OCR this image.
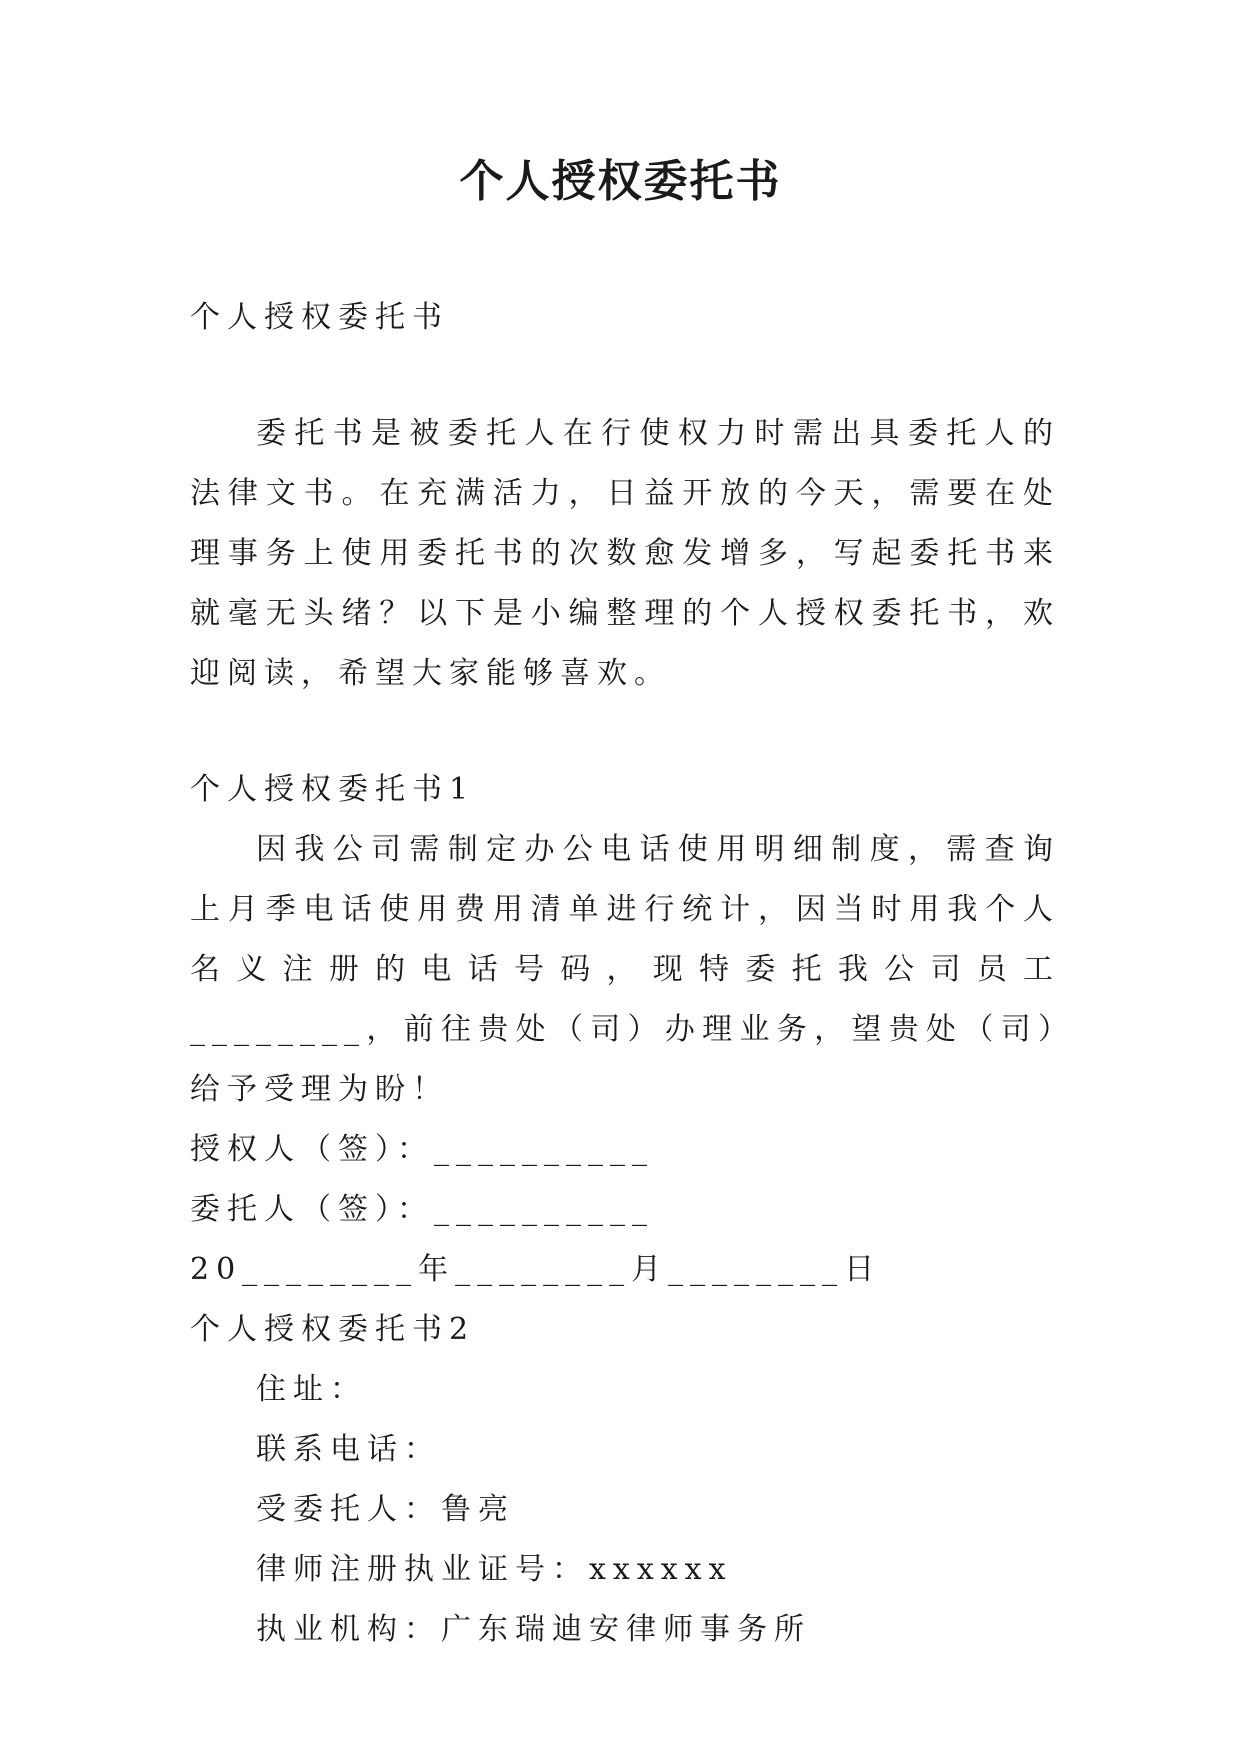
个人授权委托书

个人授权委托书

委托书是被委托人在行使权力时需出具委托人的法律文书。在充满活力，日益开放的今天，需要在处理事务上使用委托书的次数愈发增多，写起委托书来就毫无头绪？以下是小编整理的个人授权委托书，欢迎阅读，希望大家能够喜欢。

个人授权委托书1

因我公司需制定办公电话使用明细制度，需查询上月季电话使用费用清单进行统计，因当时用我个人名义注册的电话号码，现特委托我公司员工________，前往贵处（司）办理业务，望贵处（司）给予受理为盼！

授权人（签）：__________

委托人（签）：__________

20________年________月________日

个人授权委托书2

住址：

联系电话：

受委托人：鲁亮

律师注册执业证号：xxxxxx

执业机构：广东瑞迪安律师事务所
